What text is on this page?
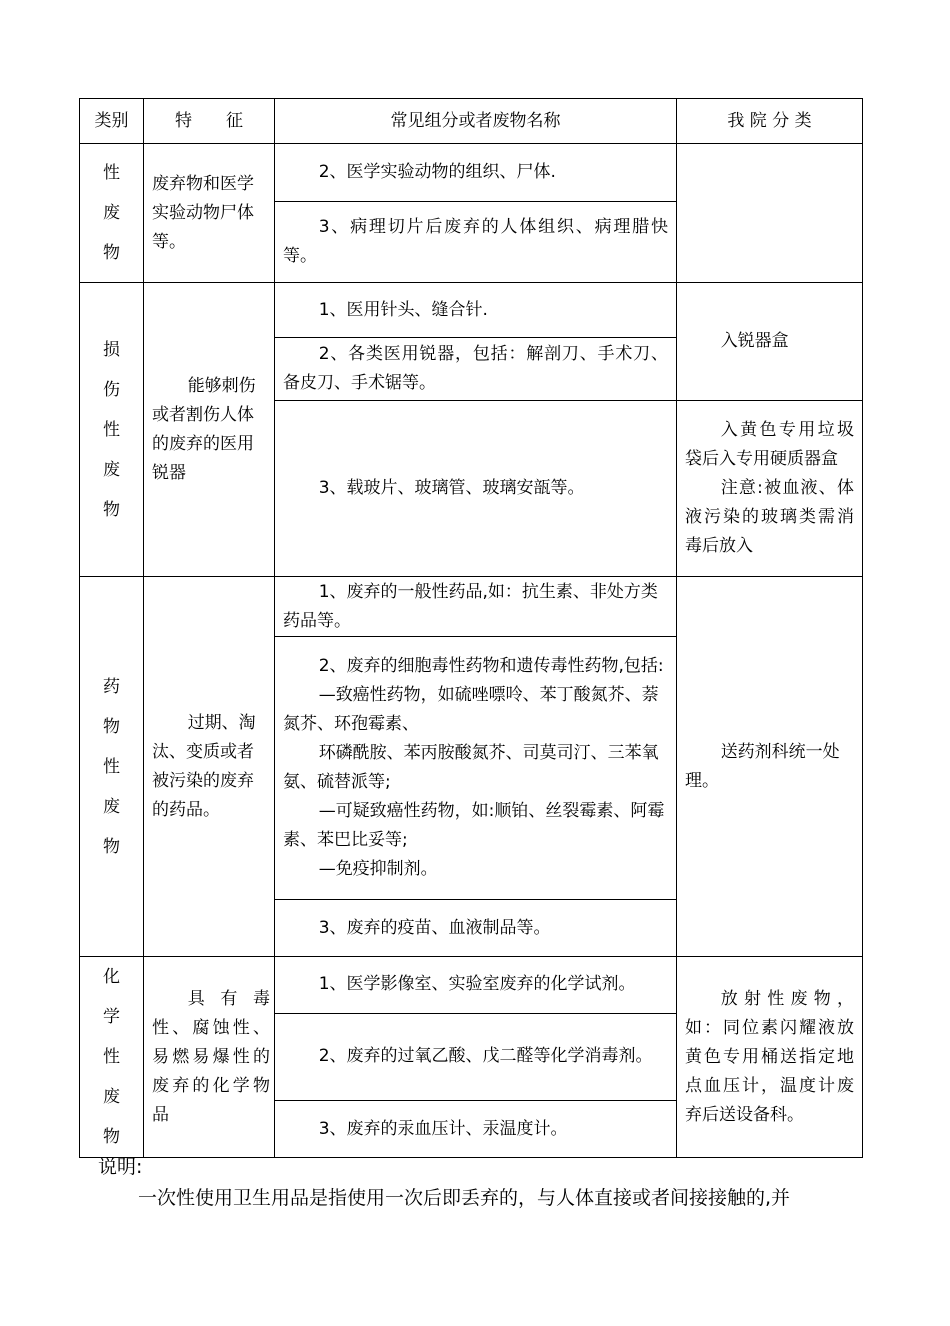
类别	特　　征	常见组分或者废物名称	我 院 分 类
性废物	废弃物和医学实验动物尸体等。	2、医学实验动物的组织、尸体.	
		3、病理切片后废弃的人体组织、病理腊快等。	
损伤性废物	能够刺伤或者割伤人体的废弃的医用锐器	1、医用针头、缝合针.	入锐器盒
		2、各类医用锐器，包括：解剖刀、手术刀、备皮刀、手术锯等。	
		3、载玻片、玻璃管、玻璃安瓿等。	入黄色专用垃圾袋后入专用硬质器盒

注意:被血液、体液污染的玻璃类需消毒后放入

药物性废物	过期、淘汰、变质或者被污染的废弃的药品。	1、废弃的一般性药品,如：抗生素、非处方类药品等。	送药剂科统一处理。

		2、废弃的细胞毒性药物和遗传毒性药物,包括:

—致癌性药物，如硫唑嘌呤、苯丁酸氮芥、萘氮芥、环孢霉素、

环磷酰胺、苯丙胺酸氮芥、司莫司汀、三苯氧氨、硫替派等;

—可疑致癌性药物，如:顺铂、丝裂霉素、阿霉素、苯巴比妥等;

—免疫抑制剂。	

		3、废弃的疫苗、血液制品等。	
化学性废物	具有毒性、腐蚀性、易燃易爆性的废弃的化学物品	1、医学影像室、实验室废弃的化学试剂。	放射性废物，如：同位素闪耀液放黄色专用桶送指定地点血压计，温度计废弃后送设备科。
		2、废弃的过氧乙酸、戊二醛等化学消毒剂。	
		3、废弃的汞血压计、汞温度计。	
说明:
一次性使用卫生用品是指使用一次后即丢弃的，与人体直接或者间接接触的,并
